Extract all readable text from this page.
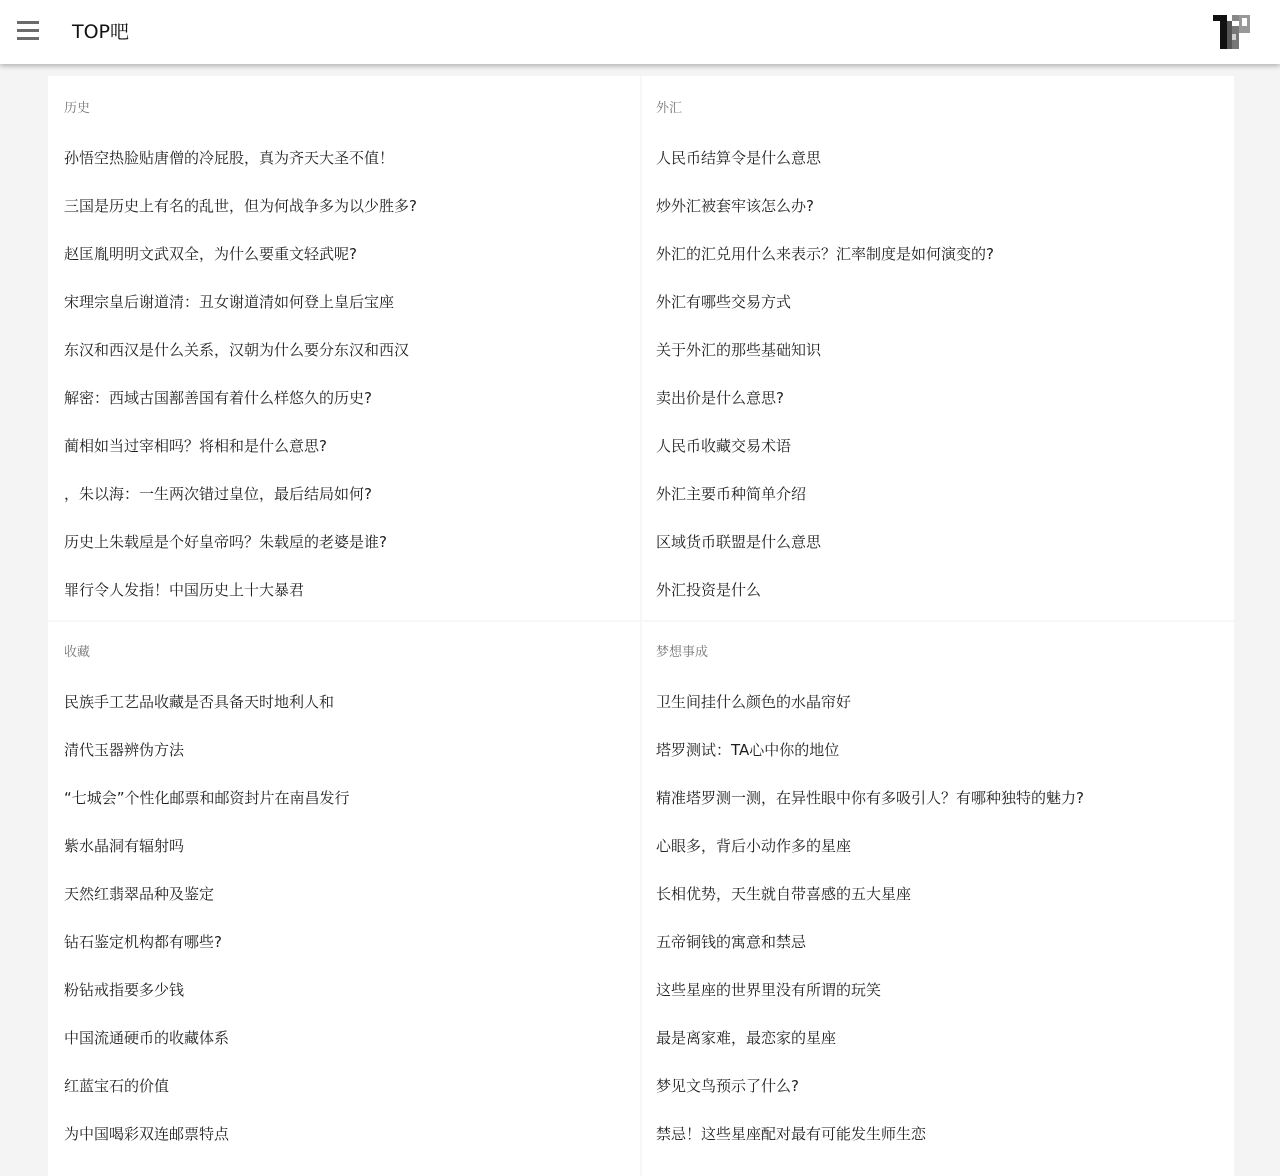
TOP吧
历史
孙悟空热脸贴唐僧的冷屁股，真为齐天大圣不值！
三国是历史上有名的乱世，但为何战争多为以少胜多?
赵匡胤明明文武双全，为什么要重文轻武呢?
宋理宗皇后谢道清：丑女谢道清如何登上皇后宝座
东汉和西汉是什么关系，汉朝为什么要分东汉和西汉
解密：西域古国鄯善国有着什么样悠久的历史?
蔺相如当过宰相吗？将相和是什么意思?
，朱以海：一生两次错过皇位，最后结局如何?
历史上朱载垕是个好皇帝吗？朱载垕的老婆是谁?
罪行令人发指！中国历史上十大暴君
外汇
人民币结算令是什么意思
炒外汇被套牢该怎么办?
外汇的汇兑用什么来表示？汇率制度是如何演变的?
外汇有哪些交易方式
关于外汇的那些基础知识
卖出价是什么意思?
人民币收藏交易术语
外汇主要币种简单介绍
区域货币联盟是什么意思
外汇投资是什么
收藏
民族手工艺品收藏是否具备天时地利人和
清代玉器辨伪方法
“七城会”个性化邮票和邮资封片在南昌发行
紫水晶洞有辐射吗
天然红翡翠品种及鉴定
钻石鉴定机构都有哪些?
粉钻戒指要多少钱
中国流通硬币的收藏体系
红蓝宝石的价值
为中国喝彩双连邮票特点
梦想事成
卫生间挂什么颜色的水晶帘好
塔罗测试：TA心中你的地位
精准塔罗测一测，在异性眼中你有多吸引人？有哪种独特的魅力?
心眼多，背后小动作多的星座
长相优势，天生就自带喜感的五大星座
五帝铜钱的寓意和禁忌
这些星座的世界里没有所谓的玩笑
最是离家难，最恋家的星座
梦见文鸟预示了什么?
禁忌！这些星座配对最有可能发生师生恋
